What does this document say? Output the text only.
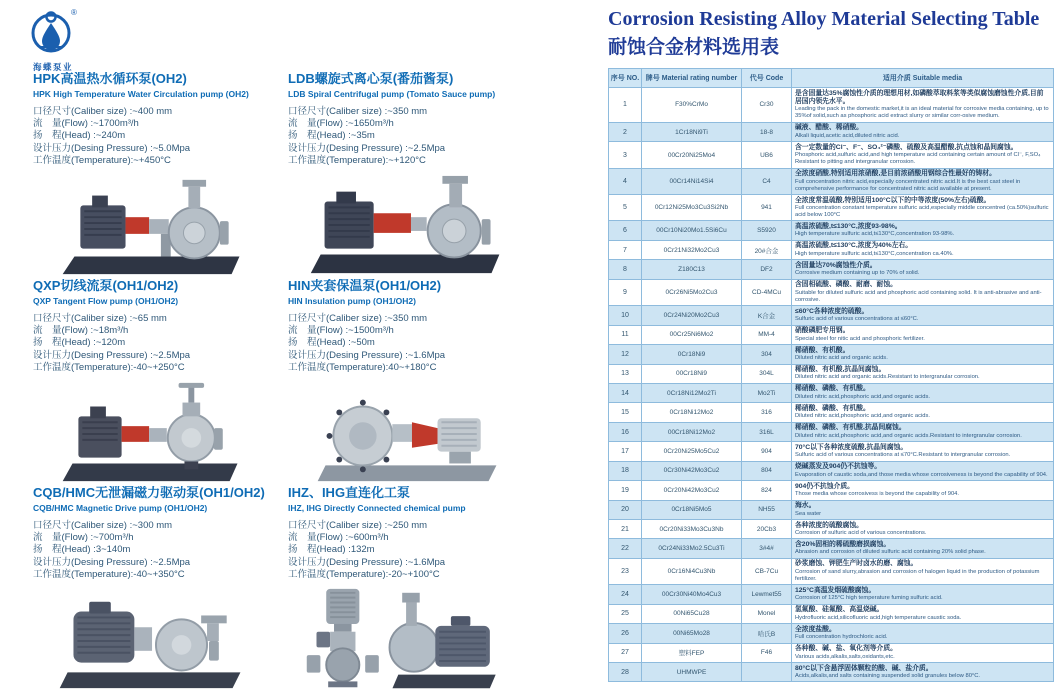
®
海蝶泵业
HPK高温热水循环泵(OH2)
HPK High Temperature Water Circulation pump (OH2)
口径尺寸(Caliber size) :~400 mm
流　量(Flow) :~1700m³/h
扬　程(Head) :~240m
设计压力(Desing Pressure) :~5.0Mpa
工作温度(Temperature):~+450°C
LDB螺旋式离心泵(番茄酱泵)
LDB Spiral Centrifugal pump (Tomato Sauce pump)
口径尺寸(Caliber size) :~350 mm
流　量(Flow) :~1650m³/h
扬　程(Head) :~35m
设计压力(Desing Pressure) :~2.5Mpa
工作温度(Temperature):~+120°C
QXP切线流泵(OH1/OH2)
QXP Tangent Flow pump (OH1/OH2)
口径尺寸(Caliber size) :~65 mm
流　量(Flow) :~18m³/h
扬　程(Head) :~120m
设计压力(Desing Pressure) :~2.5Mpa
工作温度(Temperature):-40~+250°C
HIN夹套保温泵(OH1/OH2)
HIN Insulation pump (OH1/OH2)
口径尺寸(Caliber size) :~350 mm
流　量(Flow) :~1500m³/h
扬　程(Head) :~50m
设计压力(Desing Pressure) :~1.6Mpa
工作温度(Temperature):40~+180°C
CQB/HMC无泄漏磁力驱动泵(OH1/OH2)
CQB/HMC Magnetic Drive pump (OH1/OH2)
口径尺寸(Caliber size) :~300 mm
流　量(Flow) :~700m³/h
扬　程(Head) :3~140m
设计压力(Desing Pressure) :~2.5Mpa
工作温度(Temperature):-40~+350°C
IHZ、IHG直连化工泵
IHZ, IHG Directly Connected chemical pump
口径尺寸(Caliber size) :~250 mm
流　量(Flow) :~600m³/h
扬　程(Head) :132m
设计压力(Desing Pressure) :~1.6Mpa
工作温度(Temperature):-20~+100°C
Corrosion Resisting Alloy Material Selecting Table
耐蚀合金材料选用表
序号 NO.	牌号 Material rating number	代号 Code	适用介质 Suitable media
1	F30%CrMo	Cr30	是含固量达35%腐蚀性介质的理想用材,如磷酸萃取料浆等类似腐蚀磨蚀性介质,目前居国内领先水平。
Leading the pack in the domestic market,it is an ideal material for corrosive media containing, up to 35%of solid,such as phosphoric acid extract slurry or similar corr-osive medium.

2	1Cr18Ni9Ti	18-8	碱液、醋酸、稀硝酸。
Alkali liquid,acetic acid,diluted nitric acid.

3	00Cr20Ni25Mo4	UB6	含一定数量的Cl⁻、F⁻、SO₄²⁻磷酸、硫酸及高温醋酸,抗点蚀和晶间腐蚀。
Phosphoric acid,sulfuric acid,and high temperature acid containing certain amount of Cl⁻, F,SO₄ Resistant to pitting and intergranular corrosion.

4	00Cr14Ni14Si4	C4	全浓度硝酸,特别适用浓硝酸,是目前浓硝酸用钢综合性最好的铸材。
Full concentration nitric acid,especially concentrated nitric acid.It is the best cast steel in comprehensive performance for concentrated nitric acid available at present.

5	0Cr12Ni25Mo3Cu3Si2Nb	941	全浓度常温硫酸,特别适用100°C以下的中等浓度(50%左右)硫酸。
Full concentration constant temperature sulfuric acid,especially middle concentred (ca.50%)sulfuric acid below 100°C

6	00Cr10Ni20Mo1.5Si6Cu	S5920	高温浓硫酸,t≤130°C,浓度93-98%。
High temperature sulfuric acid,t≤130°C,concentration 93-98%.

7	0Cr21Ni32Mo2Cu3	20#合金	高温浓硫酸,t≤130°C,浓度为40%左右。
High temperature sulfuric acid,t≤130°C,concentration ca.40%.

8	Z180C13	DF2	含固量达70%腐蚀性介质。
Corrosive medium containing up to 70% of solid.

9	0Cr26Ni5Mo2Cu3	CD-4MCu	含固相硫酸、磷酸、耐磨、耐蚀。
Suitable for diluted sulfuric acid and phosphoric acid containing solid. It is anti-abrasive and anti-corrosive.

10	0Cr24Ni20Mo2Cu3	K合金	≤60°C各种浓度的硫酸。
Sulfuric acid of various concentrations at ≤60°C.

11	00Cr25Ni6Mo2	MM-4	硝酸磷肥专用钢。
Special steel for nitic acid and phosphoric fertilizer.

12	0Cr18Ni9	304	稀硝酸、有机酸。
Diluted nitric acid and organic acids.

13	00Cr18Ni9	304L	稀硝酸、有机酸,抗晶间腐蚀。
Diluted nitric acid and organic acids.Resistant to intergranular corrosion.

14	0Cr18Ni12Mo2Ti	Mo2Ti	稀硝酸、磷酸、有机酸。
Diluted nitric acid,phosphoric acid,and organic acids.

15	0Cr18Ni12Mo2	316	稀硝酸、磷酸、有机酸。
Diluted nitric acid,phosphoric acid,and organic acids.

16	00Cr18Ni12Mo2	316L	稀硝酸、磷酸、有机酸,抗晶间腐蚀。
Diluted nitric acid,phosphoric acid,and organic acids.Resistant to intergranular corrosion.

17	0Cr20Ni25Mo5Cu2	904	70°C以下各种浓度硫酸,抗晶间腐蚀。
Sulfuric acid of various concentrations at ≤70°C.Resistant to intergranular corrosion.

18	0Cr30Ni42Mo3Cu2	804	烧碱蒸发及904仍不抗蚀等。
Evaporation of caustic soda,and those media whose corrosiveness is beyond the capability of 904.

19	0Cr20Ni42Mo3Cu2	824	904仍不抗蚀介质。
Those media whose corrosivess is beyond the capability of 904.

20	0Cr18Ni5Mo5	NH55	海水。
Sea water

21	0Cr20Ni33Mo3Cu3Nb	20Cb3	各种浓度的硫酸腐蚀。
Corrosion of sulfuric acid of various concentrations.

22	0Cr24Ni33Mo2.5Cu3Ti	3#4#	含20%固相的稀硫酸磨损腐蚀。
Abrasion and corrosion of diluted sulfuric acid containing 20% solid phase.

23	0Cr16Ni4Cu3Nb	CB-7Cu	砂浆磨蚀、钾肥生产时卤水的磨、腐蚀。
Corrosion of sand slurry,abrasion and corrosion of halogen liquid in the production of potassium fertilizer.

24	00Cr30Ni40Mo4Cu3	Lewmet55	125°C高温发烟硫酸腐蚀。
Corrosion of 125°C high temperature fuming sulfuric acid.

25	00Ni65Cu28	Monel	氢氟酸、硅氟酸、高温烧碱。
Hydrofluoric acid,silicofluoric acid,high temperature caustic soda.

26	00Ni65Mo28	哈氏B	全浓度盐酸。
Full concentration hydrochloric acid.

27	塑料FEP	F46	各种酸、碱、盐、氧化剂等介质。
Various acids,alkalis,salts,oxidants,etc.

28	UHMWPE		80°C以下含悬浮固体颗粒的酸、碱、盐介质。
Acids,alkalis,and salts containing suspended solid granules below 80°C.
